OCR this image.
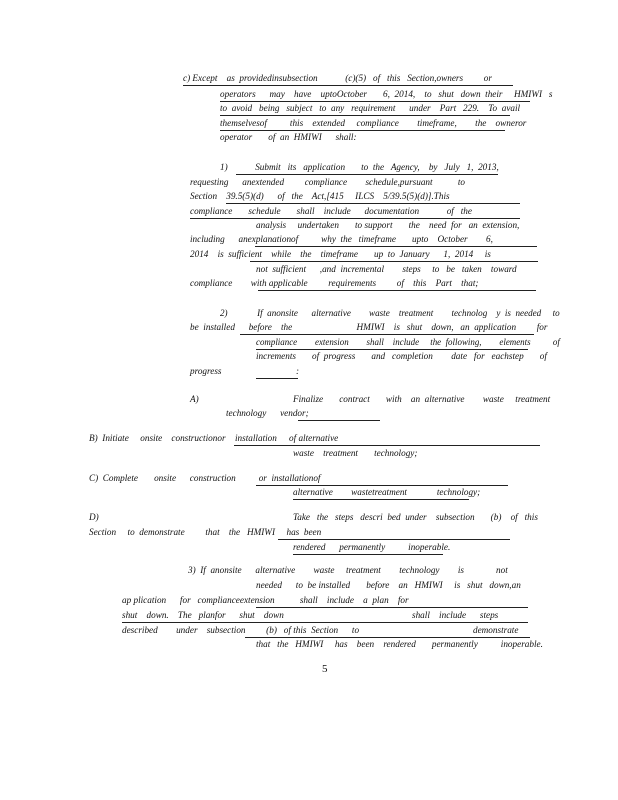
c) Except    as  providedinsubsection            (c)(5)   of   this   Section,owners         or
operators      may    have    uptoOctober       6,  2014,    to   shut   down  their     HMIWI   s
to  avoid   being   subject   to  any   requirement      under    Part   229.    To  avail
themselvesof          this    extended     compliance        timeframe,        the    owneror
operator       of  an  HMIWI      shall:
1)            Submit   its   application       to  the   Agency,    by   July   1,  2013,
requesting      anextended         compliance        schedule,pursuant           to
Section    39.5(5)(d)      of   the    Act,[415     ILCS    5/39.5(5)(d)].This
compliance       schedule       shall    include      documentation            of   the
analysis     undertaken       to support       the    need  for   an  extension,
including      anexplanationof          why  the   timeframe       upto    October        6,
2014    is  sufficient    while    the    timeframe       up  to  January      1,  2014     is
not  sufficient      ,and  incremental        steps     to   be   taken    toward
compliance        with applicable         requirements         of    this    Part    that;
2)             If  anonsite      alternative        waste    treatment        technolog    y  is  needed     to
be  installed      before    the                            HMIWI    is   shut    down,   an  application         for
compliance        extension        shall    include     the  following,        elements          of
increments       of  progress       and   completion        date   for   eachstep       of
progress	:
A)	Finalize       contract       with    an  alternative        waste     treatment
technology      vendor;
B)  Initiate     onsite    constructionor installation of alternative
waste    treatment       technology;
C)  Complete       onsite      construction          or  installationof
alternative        wastetreatment             technology;
D)	Take   the   steps   descri  bed  under    subsection       (b)    of   this
Section     to  demonstrate         that    the   HMIWI     has  been
rendered      permanently          inoperable.
3)  If  anonsite      alternative        waste     treatment        technology        is	not
needed      to  be installed       before    an   HMIWI     is   shut   down,an
ap plication      for   complianceextension           shall    include    a  plan    for
shut    down.    The   planfor      shut    down	shall    include      steps
described        under    subsection         (b)   of this  Section      to	demonstrate
that   the   HMIWI     has    been    rendered       permanently          inoperable.
5
